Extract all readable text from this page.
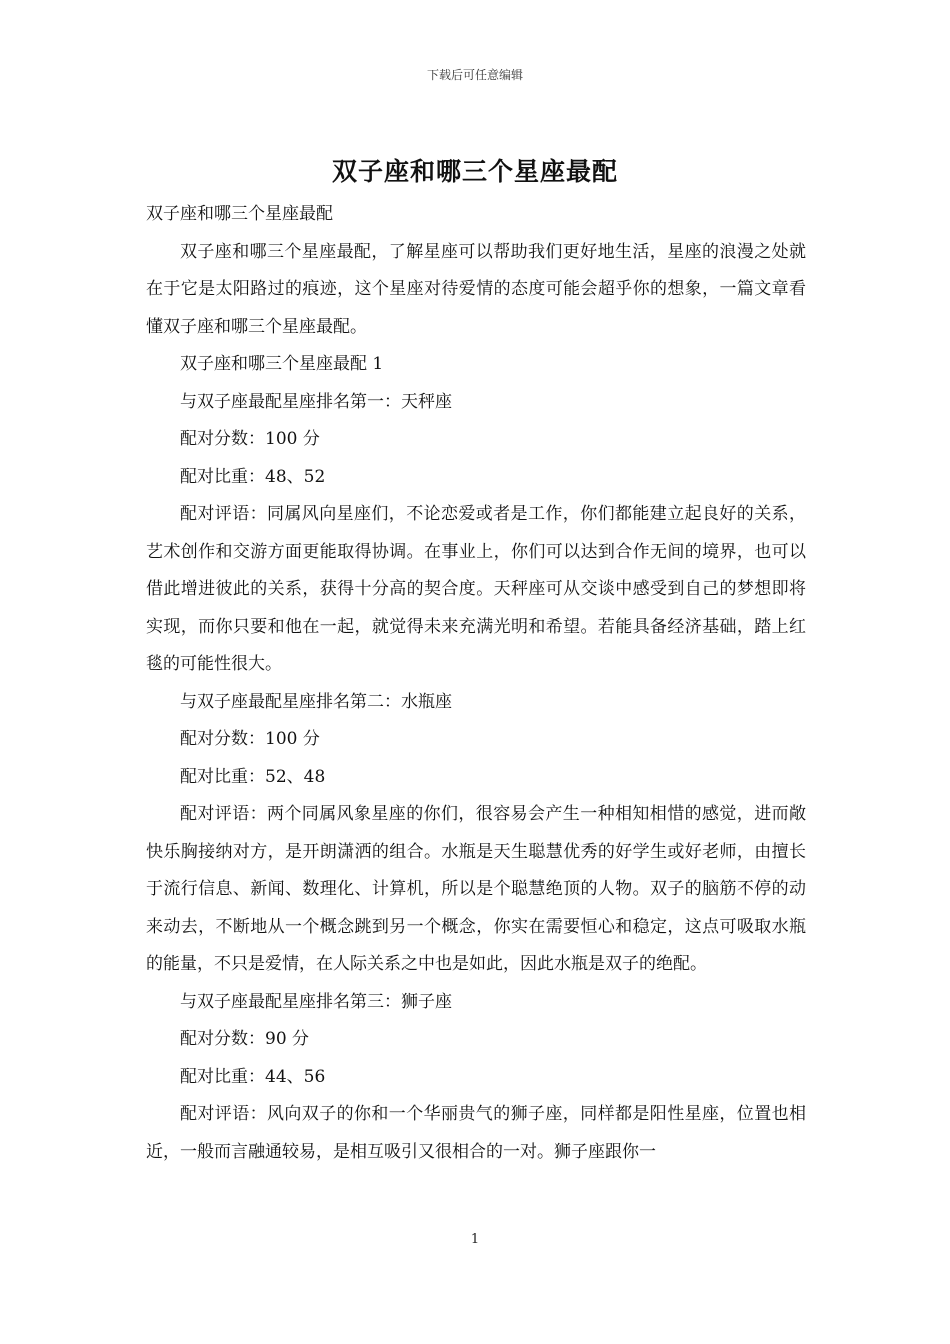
下载后可任意编辑
双子座和哪三个星座最配

双子座和哪三个星座最配

双子座和哪三个星座最配，了解星座可以帮助我们更好地生活，星座的浪漫之处就在于它是太阳路过的痕迹，这个星座对待爱情的态度可能会超乎你的想象，一篇文章看懂双子座和哪三个星座最配。

双子座和哪三个星座最配 1

与双子座最配星座排名第一：天秤座

配对分数：100 分

配对比重：48、52

配对评语：同属风向星座们，不论恋爱或者是工作，你们都能建立起良好的关系，艺术创作和交游方面更能取得协调。在事业上，你们可以达到合作无间的境界，也可以借此增进彼此的关系，获得十分高的契合度。天秤座可从交谈中感受到自己的梦想即将实现，而你只要和他在一起，就觉得未来充满光明和希望。若能具备经济基础，踏上红毯的可能性很大。

与双子座最配星座排名第二：水瓶座

配对分数：100 分

配对比重：52、48

配对评语：两个同属风象星座的你们，很容易会产生一种相知相惜的感觉，进而敞快乐胸接纳对方，是开朗潇洒的组合。水瓶是天生聪慧优秀的好学生或好老师，由擅长于流行信息、新闻、数理化、计算机，所以是个聪慧绝顶的人物。双子的脑筋不停的动来动去，不断地从一个概念跳到另一个概念，你实在需要恒心和稳定，这点可吸取水瓶的能量，不只是爱情，在人际关系之中也是如此，因此水瓶是双子的绝配。

与双子座最配星座排名第三：狮子座

配对分数：90 分

配对比重：44、56

配对评语：风向双子的你和一个华丽贵气的狮子座，同样都是阳性星座，位置也相近，一般而言融通较易，是相互吸引又很相合的一对。狮子座跟你一

1
